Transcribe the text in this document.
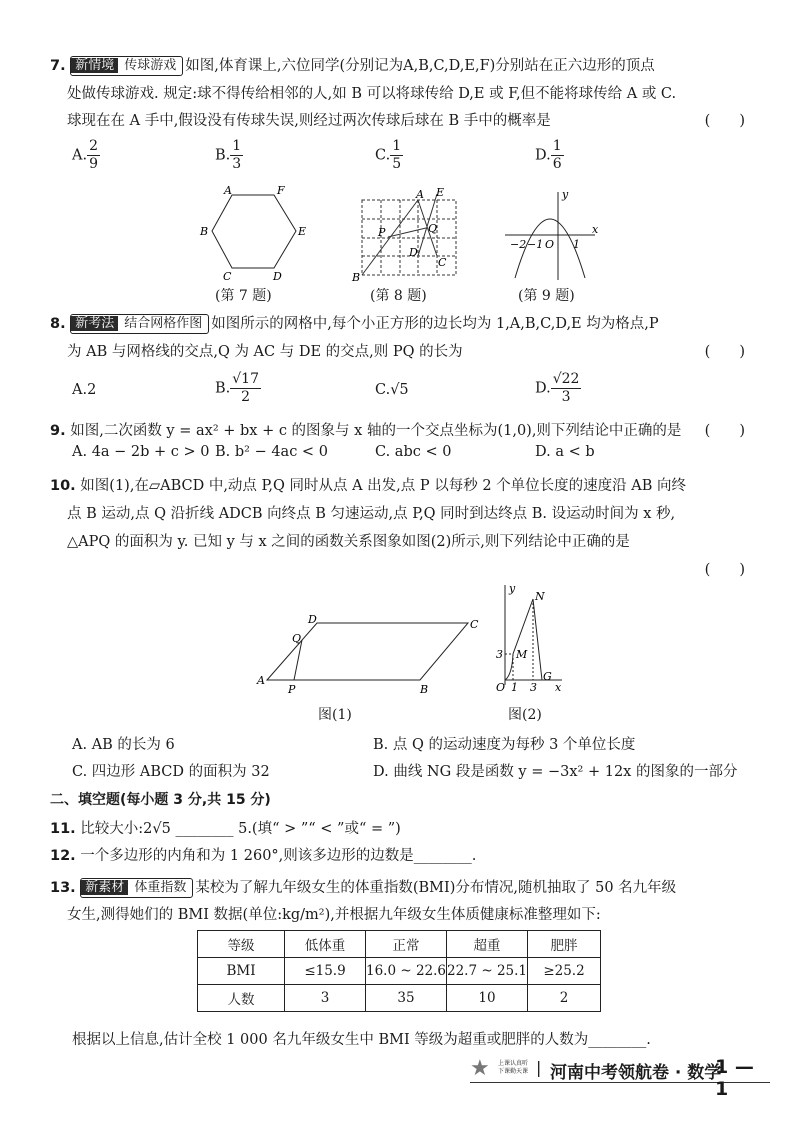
7. 新情境 传球游戏 如图,体育课上,六位同学(分别记为A,B,C,D,E,F)分别站在正六边形的顶点
处做传球游戏. 规定:球不得传给相邻的人,如 B 可以将球传给 D,E 或 F,但不能将球传给 A 或 C.
球现在在 A 手中,假设没有传球失误,则经过两次传球后球在 B 手中的概率是	(　　)
A. $\frac{2}{9}$	B. $\frac{1}{3}$	C. $\frac{1}{5}$	D. $\frac{1}{6}$
A	F
B	E
C	D
A E
P	Q
D
C
B
y
x
−2 −1 O 1
(第 7 题)	(第 8 题)	(第 9 题)
8. 新考法 结合网格作图 如图所示的网格中,每个小正方形的边长均为 1,A,B,C,D,E 均为格点,P
为 AB 与网格线的交点,Q 为 AC 与 DE 的交点,则 PQ 的长为	(　　)
A.2	B. $\frac{√17}{2}$	C.√5	D. $\frac{√22}{3}$
9. 如图,二次函数 y = ax² + bx + c 的图象与 x 轴的一个交点坐标为(1,0),则下列结论中正确的是 (　　)
A. 4a − 2b + c > 0 B. b² − 4ac < 0	C. abc < 0	D. a < b
10. 如图(1),在▱ABCD 中,动点 P,Q 同时从点 A 出发,点 P 以每秒 2 个单位长度的速度沿 AB 向终
点 B 运动,点 Q 沿折线 ADCB 向终点 B 匀速运动,点 P,Q 同时到达终点 B. 设运动时间为 x 秒,
△APQ 的面积为 y. 已知 y 与 x 之间的函数关系图象如图(2)所示,则下列结论中正确的是
(　　)
A
P	B
C
D
Q
y
N
3 M
O 1 3
G
x
图(1)	图(2)
A. AB 的长为 6	B. 点 Q 的运动速度为每秒 3 个单位长度
C. 四边形 ABCD 的面积为 32	D. 曲线 NG 段是函数 y = −3x² + 12x 的图象的一部分
二、填空题(每小题 3 分,共 15 分)
11. 比较大小:2√5 ________ 5.(填“ > ”“ < ”或“ = ”)
12. 一个多边形的内角和为 1 260°,则该多边形的边数是________.
13. 新素材 体重指数 某校为了解九年级女生的体重指数(BMI)分布情况,随机抽取了 50 名九年级
女生,测得她们的 BMI 数据(单位:kg/m²),并根据九年级女生体质健康标准整理如下:
等级	低体重	正常	超重	肥胖
BMI	≤15.9	16.0 ~ 22.6	22.7 ~ 25.1	≥25.2
人数	3	35	10	2
根据以上信息,估计全校 1 000 名九年级女生中 BMI 等级为超重或肥胖的人数为________.
★ 上课认真听 下课勤天课 | 河南中考领航卷 · 数学
1 — 1
